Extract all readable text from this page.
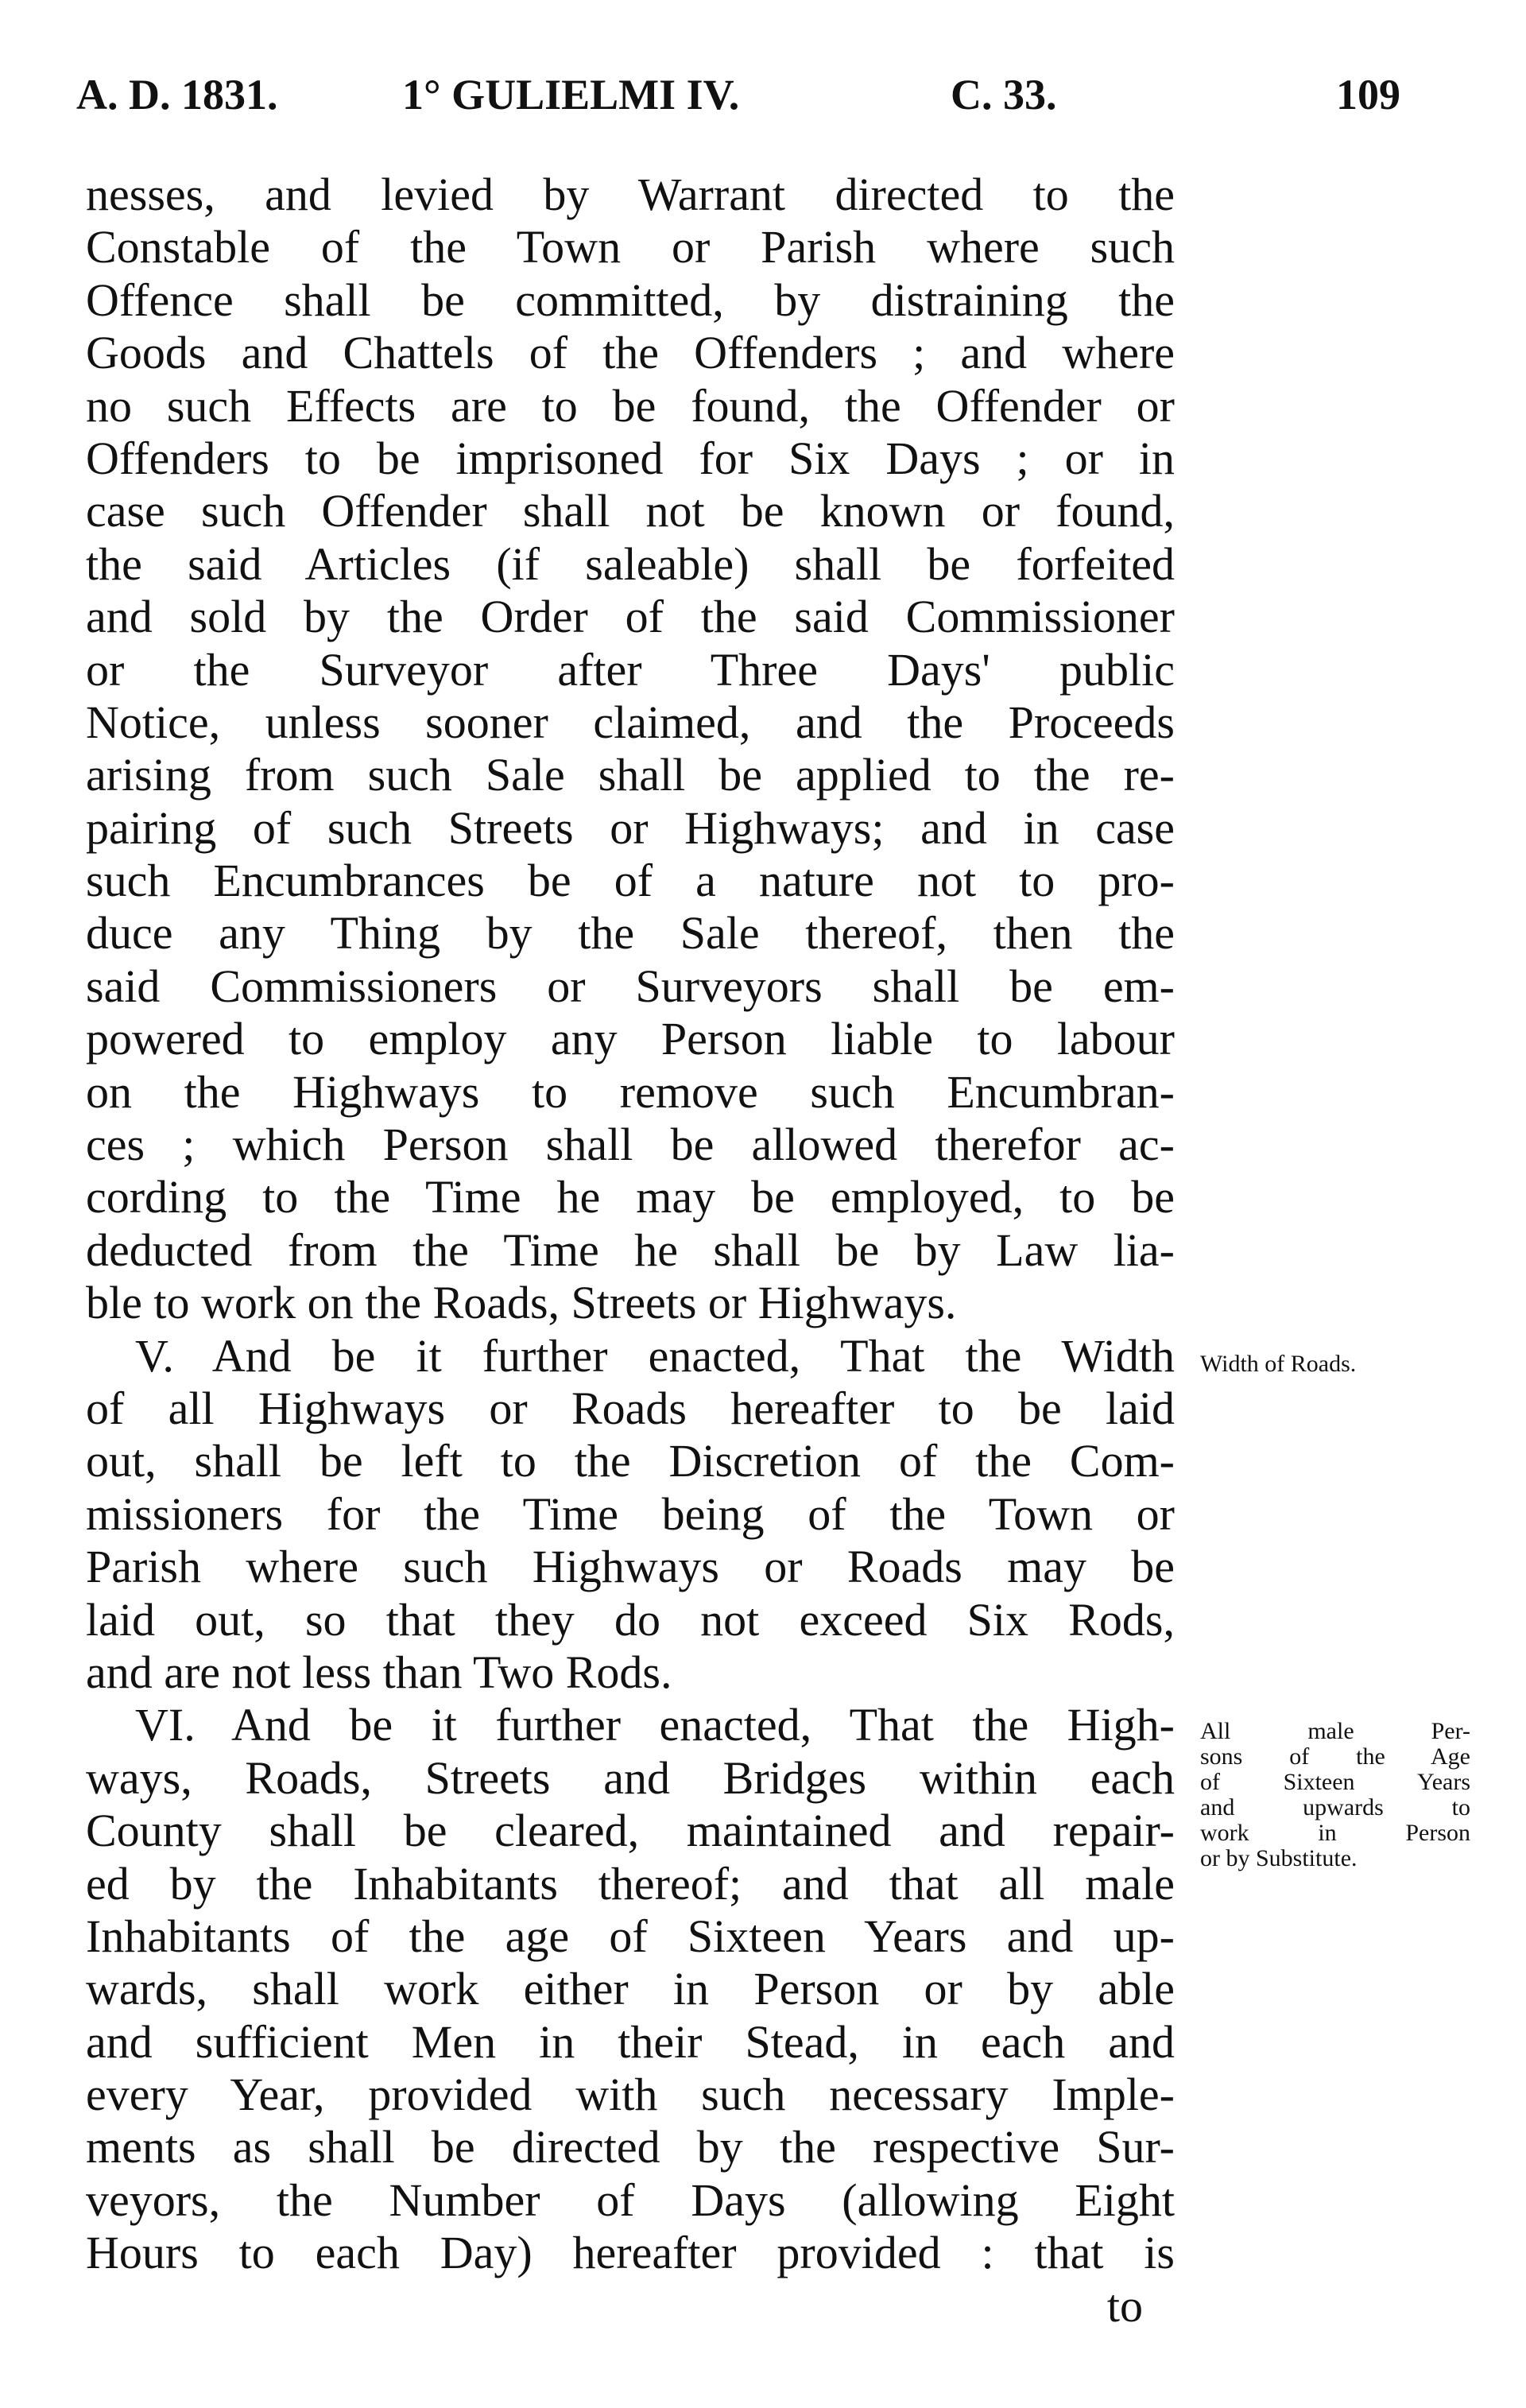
A. D. 1831.	1° GULIELMI IV.	C. 33.	109
nesses, and levied by Warrant directed to the
Constable of the Town or Parish where such
Offence shall be committed, by distraining the
Goods and Chattels of the Offenders ; and where
no such Effects are to be found, the Offender or
Offenders to be imprisoned for Six Days ; or in
case such Offender shall not be known or found,
the said Articles (if saleable) shall be forfeited
and sold by the Order of the said Commissioner
or the Surveyor after Three Days' public
Notice, unless sooner claimed, and the Proceeds
arising from such Sale shall be applied to the re-
pairing of such Streets or Highways; and in case
such Encumbrances be of a nature not to pro-
duce any Thing by the Sale thereof, then the
said Commissioners or Surveyors shall be em-
powered to employ any Person liable to labour
on the Highways to remove such Encumbran-
ces ; which Person shall be allowed therefor ac-
cording to the Time he may be employed, to be
deducted from the Time he shall be by Law lia-
ble to work on the Roads, Streets or Highways.
V. And be it further enacted, That the Width
of all Highways or Roads hereafter to be laid
out, shall be left to the Discretion of the Com-
missioners for the Time being of the Town or
Parish where such Highways or Roads may be
laid out, so that they do not exceed Six Rods,
and are not less than Two Rods.
VI. And be it further enacted, That the High-
ways, Roads, Streets and Bridges within each
County shall be cleared, maintained and repair-
ed by the Inhabitants thereof; and that all male
Inhabitants of the age of Sixteen Years and up-
wards, shall work either in Person or by able
and sufficient Men in their Stead, in each and
every Year, provided with such necessary Imple-
ments as shall be directed by the respective Sur-
veyors, the Number of Days (allowing Eight
Hours to each Day) hereafter provided : that is
to
Width of Roads.
All male Per-
sons of the Age
of Sixteen Years
and upwards to
work in Person
or by Substitute.
